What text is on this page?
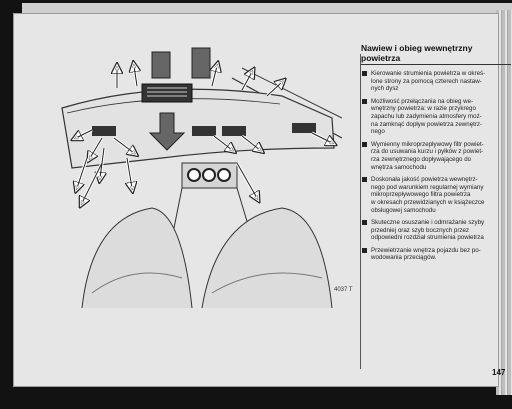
4037 T
Nawiew i obieg wewnętrzny
powietrza
Kierowanie strumienia powietrza w okreś-
lone strony za pomocą czterech nastaw-
nych dysz
Możliwość przełączania na obieg we-
wnętrzny powietrza: w razie przykrego
zapachu lub zadymienia atmosfery moż-
na zamknąć dopływ powietrza zewnętrz-
nego
Wymienny mikroprzepływowy filtr powiet-
rza do usuwania kurzu i pyłków z powiet-
rza zewnętrznego dopływającego do
wnętrza samochodu
Doskonała jakość powietrza wewnętrz-
nego pod warunkiem regularnej wymiany
mikroprzepływowego filtra powietrza
w okresach przewidzianych w książeczce
obsługowej samochodu
Skuteczne osuszanie i odmrażanie szyby
przedniej oraz szyb bocznych przez
odpowiedni rozdział strumienia powietrza
Przewietrzanie wnętrza pojazdu bez po-
wodowania przeciągów.
147
